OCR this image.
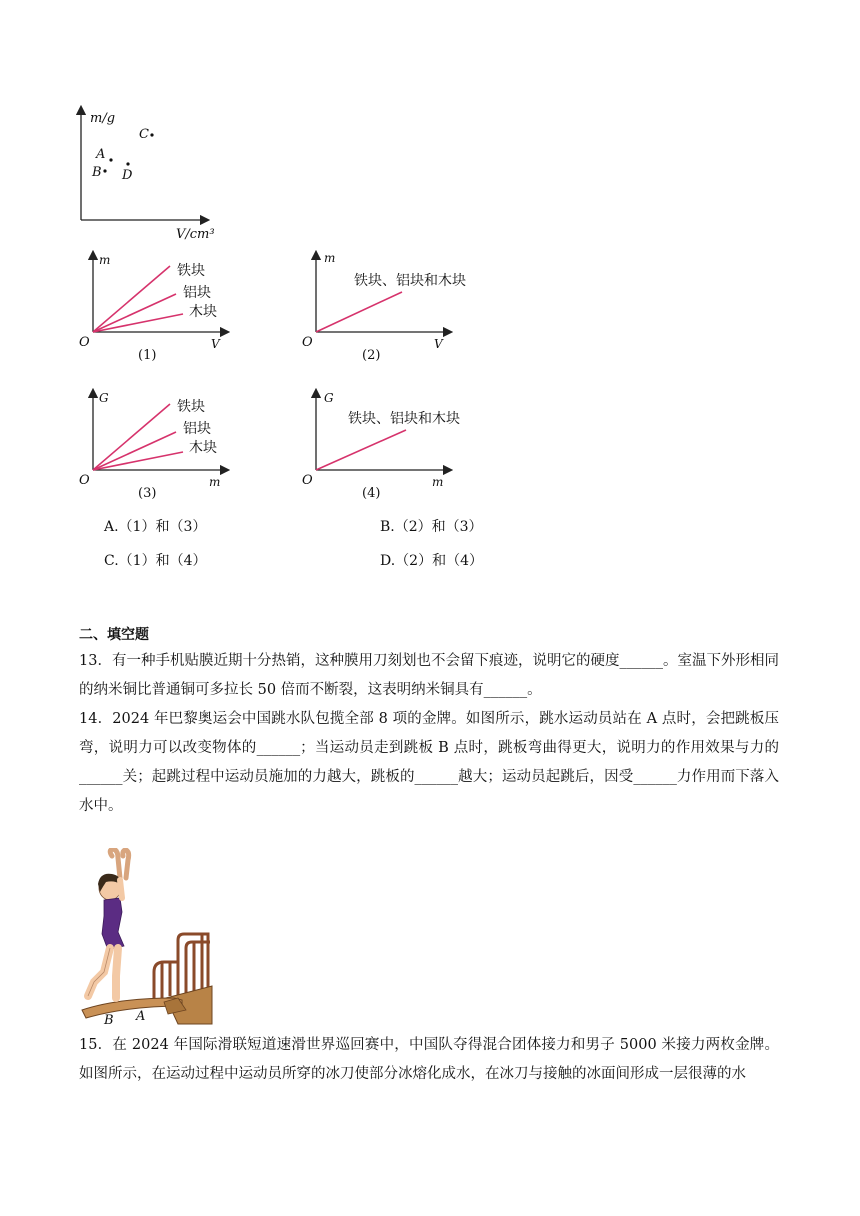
m/g
V/cm³
C
A
B D
m
V
O
铁块
铝块
木块
(1)
m
V
O
铁块、铝块和木块
(2)
G
m
O
铁块
铝块
木块
(3)
G
m
O
铁块、铝块和木块
(4)
A.（1）和（3）	B.（2）和（3）
C.（1）和（4）	D.（2）和（4）
二、填空题
13．有一种手机贴膜近期十分热销，这种膜用刀刻划也不会留下痕迹，说明它的硬度______。室温下外形相同的纳米铜比普通铜可多拉长 50 倍而不断裂，这表明纳米铜具有______。
14．2024 年巴黎奥运会中国跳水队包揽全部 8 项的金牌。如图所示，跳水运动员站在 A 点时，会把跳板压弯，说明力可以改变物体的______；当运动员走到跳板 B 点时，跳板弯曲得更大，说明力的作用效果与力的______关；起跳过程中运动员施加的力越大，跳板的______越大；运动员起跳后，因受______力作用而下落入水中。
B A
15．在 2024 年国际滑联短道速滑世界巡回赛中，中国队夺得混合团体接力和男子 5000 米接力两枚金牌。如图所示，在运动过程中运动员所穿的冰刀使部分冰熔化成水，在冰刀与接触的冰面间形成一层很薄的水
